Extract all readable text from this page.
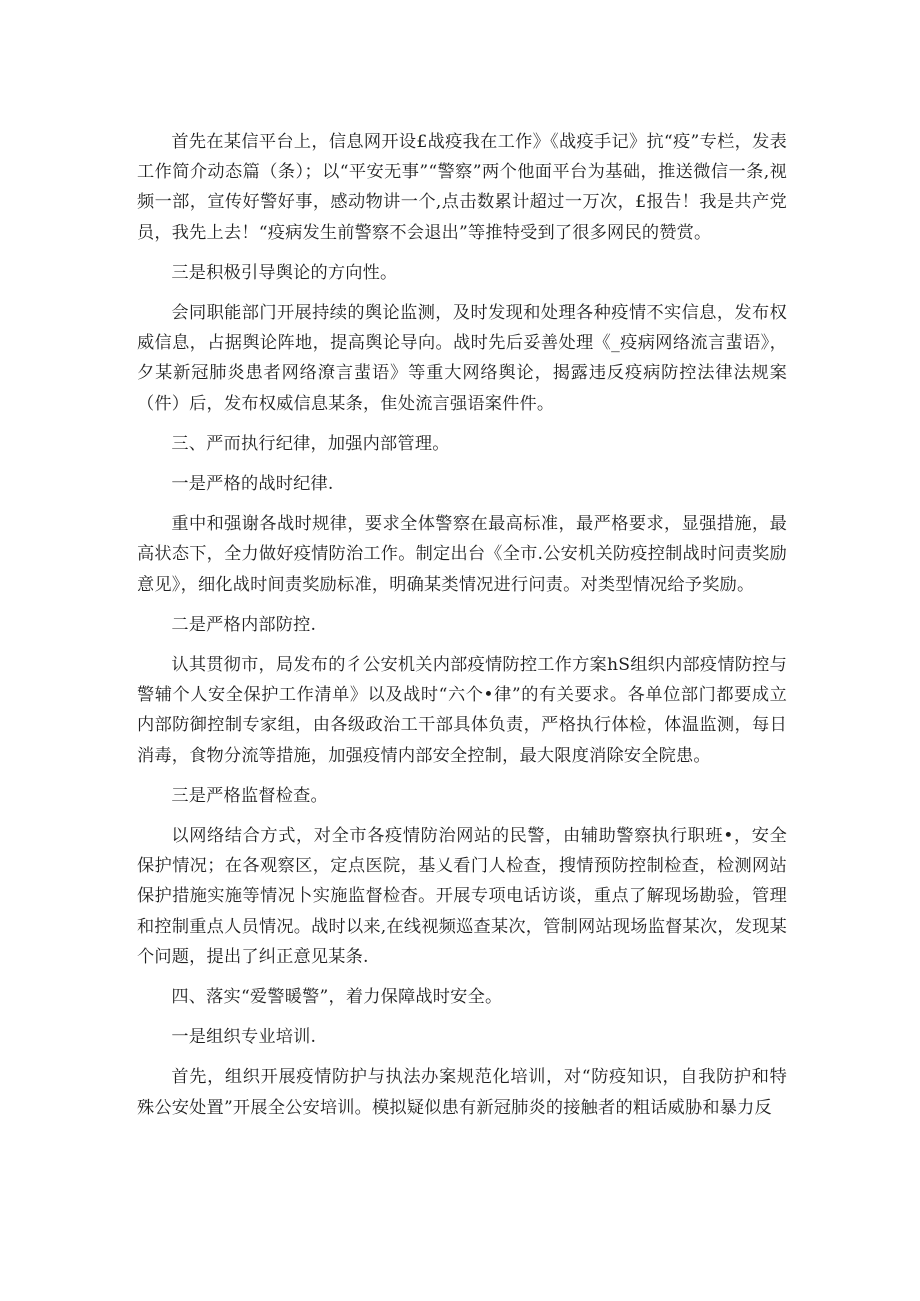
首先在某信平台上，信息网开设£战疫我在工作》《战疫手记》抗“疫”专栏，发表工作简介动态篇（条）；以“平安无事”“警察”两个他面平台为基础，推送微信一条,视频一部，宣传好警好事，感动物讲一个,点击数累计超过一万次，£报告！我是共产党员，我先上去！“疫病发生前警察不会退出”等推特受到了很多网民的赞赏。

三是积极引导舆论的方向性。

会同职能部门开展持续的舆论监测，及时发现和处理各种疫情不实信息，发布权威信息，占据舆论阵地，提高舆论导向。战时先后妥善处理《_疫病网络流言蜚语》，夕某新冠肺炎患者网络潦言蜚语》等重大网络舆论，揭露违反疫病防控法律法规案（件）后，发布权威信息某条，隹处流言强语案件件。

三、严而执行纪律，加强内部管理。

一是严格的战时纪律.

重中和强谢各战时规律，要求全体警察在最高标准，最严格要求，显强措施，最高状态下，全力做好疫情防治工作。制定出台《全市.公安机关防疫控制战时问责奖励意见》，细化战时间责奖励标准，明确某类情况进行问责。对类型情况给予奖励。

二是严格内部防控.

认其贯彻市，局发布的彳公安机关内部疫情防控工作方案hS组织内部疫情防控与警辅个人安全保护工作清单》以及战时“六个•律”的有关要求。各单位部门都要成立内部防御控制专家组，由各级政治工干部具体负责，严格执行体检，体温监测，每日消毒，食物分流等措施，加强疫情内部安全控制，最大限度消除安全院患。

三是严格监督检查。

以网络结合方式，对全市各疫情防治网站的民警，由辅助警察执行职班•，安全保护情况；在各观察区，定点医院，基乂看门人检查，搜情预防控制检查，检测网站保护措施实施等情况卜实施监督检杳。开展专项电话访谈，重点了解现场勘验，管理和控制重点人员情况。战时以来,在线视频巡查某次，管制网站现场监督某次，发现某个问题，提出了纠正意见某条.

四、落实“爱警暖警”，着力保障战时安全。

一是组织专业培训.

首先，组织开展疫情防护与执法办案规范化培训，对“防疫知识，自我防护和特殊公安处置”开展全公安培训。模拟疑似患有新冠肺炎的接触者的粗话威胁和暴力反
